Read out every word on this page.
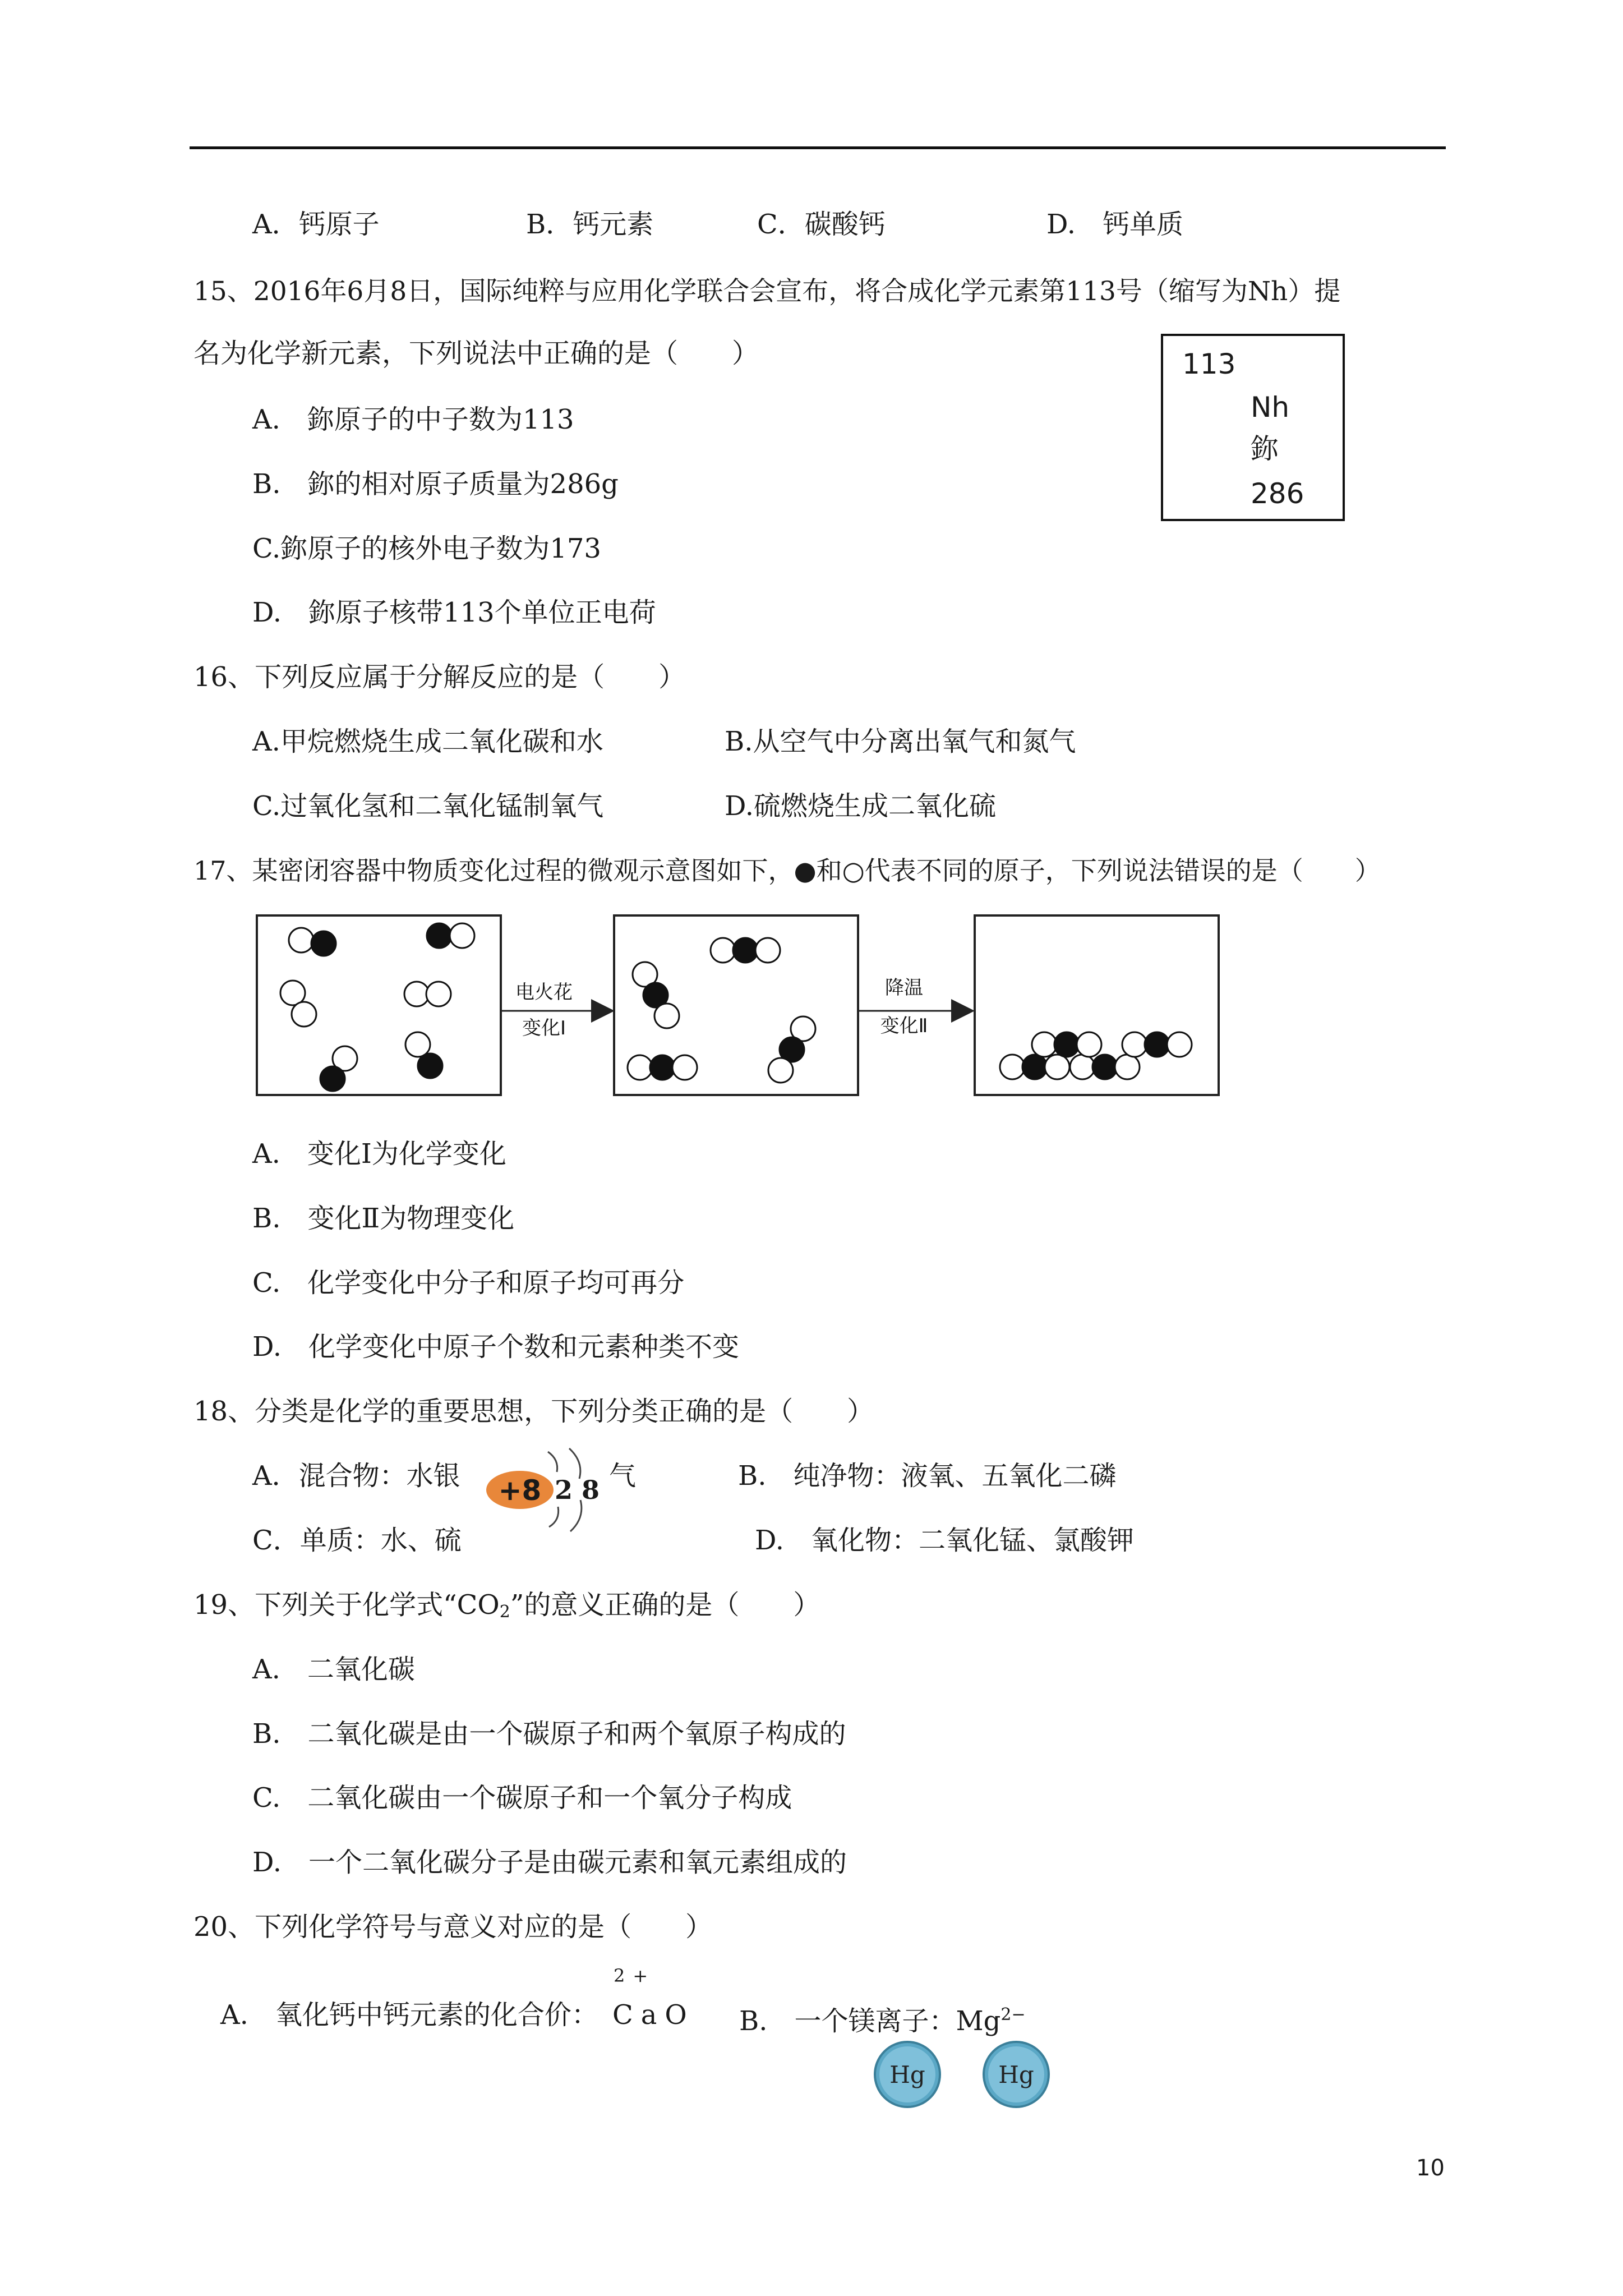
A．钙原子	B．钙元素	C．碳酸钙	D.　钙单质
15、2016年6月8日，国际纯粹与应用化学联合会宣布，将合成化学元素第113号（缩写为Nh）提
名为化学新元素，下列说法中正确的是（　　）	113
Nh
鉨
286
A.　鉨原子的中子数为113
B.　鉨的相对原子质量为286g
C.鉨原子的核外电子数为173
D.　鉨原子核带113个单位正电荷
16、下列反应属于分解反应的是（　　）
A.甲烷燃烧生成二氧化碳和水	B.从空气中分离出氧气和氮气
C.过氧化氢和二氧化锰制氧气	D.硫燃烧生成二氧化硫
17、某密闭容器中物质变化过程的微观示意图如下，●和○代表不同的原子，下列说法错误的是（　　）
电火花
变化Ⅰ
降温
变化Ⅱ
A.　变化Ⅰ为化学变化
B.　变化Ⅱ为物理变化
C.　化学变化中分子和原子均可再分
D.　化学变化中原子个数和元素种类不变
18、分类是化学的重要思想，下列分类正确的是（　　）
A．混合物：水银 +8 2 8 气	B.　纯净物：液氧、五氧化二磷
C．单质：水、硫	D.　氧化物：二氧化锰、氯酸钾
19、下列关于化学式“$CO_2$”的意义正确的是（　　）
A.　二氧化碳
B.　二氧化碳是由一个碳原子和两个氧原子构成的
C.　二氧化碳由一个碳原子和一个氧分子构成
D.　一个二氧化碳分子是由碳元素和氧元素组成的
20、下列化学符号与意义对应的是（　　）
A.　氧化钙中钙元素的化合价：
2+
CaO B.　一个镁离子：$Mg^{2-}$
Hg	Hg
10
